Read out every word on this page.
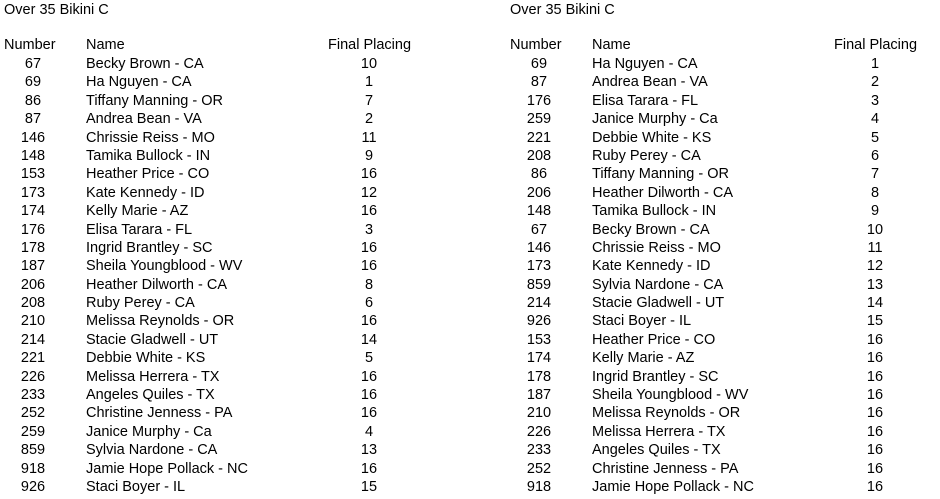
Over 35 Bikini C
Number Name	Final Placing
67	Becky Brown - CA	10
69	Ha Nguyen - CA	1
86	Tiffany Manning - OR	7
87	Andrea Bean - VA	2
146	Chrissie Reiss - MO	11
148	Tamika Bullock - IN	9
153	Heather Price - CO	16
173	Kate Kennedy - ID	12
174	Kelly Marie - AZ	16
176	Elisa Tarara - FL	3
178	Ingrid Brantley - SC	16
187	Sheila Youngblood - WV	16
206	Heather Dilworth - CA	8
208	Ruby Perey - CA	6
210	Melissa Reynolds - OR	16
214	Stacie Gladwell - UT	14
221	Debbie White - KS	5
226	Melissa Herrera - TX	16
233	Angeles Quiles - TX	16
252	Christine Jenness - PA	16
259	Janice Murphy - Ca	4
859	Sylvia Nardone - CA	13
918	Jamie Hope Pollack - NC	16
926	Staci Boyer - IL	15
Over 35 Bikini C
Number Name	Final Placing
69	Ha Nguyen - CA	1
87	Andrea Bean - VA	2
176	Elisa Tarara - FL	3
259	Janice Murphy - Ca	4
221	Debbie White - KS	5
208	Ruby Perey - CA	6
86	Tiffany Manning - OR	7
206	Heather Dilworth - CA	8
148	Tamika Bullock - IN	9
67	Becky Brown - CA	10
146	Chrissie Reiss - MO	11
173	Kate Kennedy - ID	12
859	Sylvia Nardone - CA	13
214	Stacie Gladwell - UT	14
926	Staci Boyer - IL	15
153	Heather Price - CO	16
174	Kelly Marie - AZ	16
178	Ingrid Brantley - SC	16
187	Sheila Youngblood - WV	16
210	Melissa Reynolds - OR	16
226	Melissa Herrera - TX	16
233	Angeles Quiles - TX	16
252	Christine Jenness - PA	16
918	Jamie Hope Pollack - NC	16
